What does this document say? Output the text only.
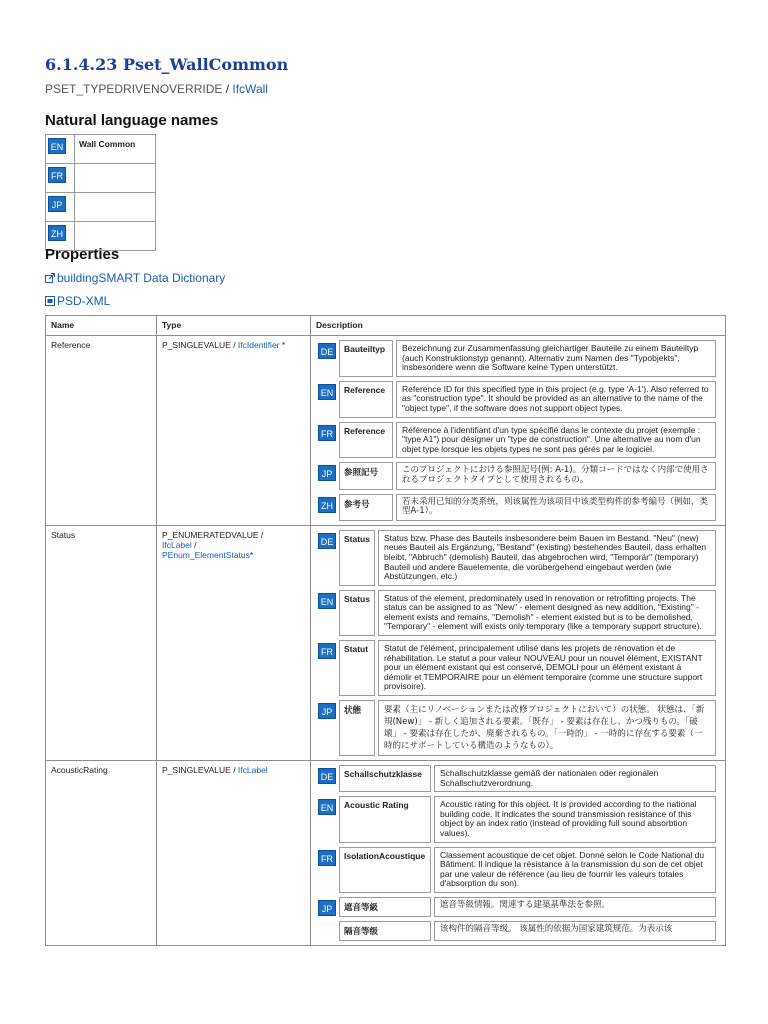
6.1.4.23 Pset_WallCommon
PSET_TYPEDRIVENOVERRIDE / IfcWall
Natural language names
EN	Wall Common
FR	
JP	
ZH	
Properties
buildingSMART Data Dictionary
PSD-XML
Name	Type	Description
Reference	P_SINGLEVALUE / IfcIdentifier *	
DE	Bauteiltyp	Bezeichnung zur Zusammenfassung gleichartiger Bauteile zu einem Bauteiltyp (auch Konstruktionstyp genannt). Alternativ zum Namen des "Typobjekts", insbesondere wenn die Software keine Typen unterstützt.

EN	Reference	Reference ID for this specified type in this project (e.g. type 'A-1'). Also referred to as "construction type". It should be provided as an alternative to the name of the "object type", if the software does not support object types.

FR	Reference	Référence à l'identifiant d'un type spécifié dans le contexte du projet (exemple : "type A1") pour désigner un "type de construction". Une alternative au nom d'un objet type lorsque les objets types ne sont pas gérés par le logiciel.

JP	参照記号	このプロジェクトにおける参照記号(例: A-1)。分類コードではなく内部で使用されるプロジェクトタイプとして使用されるもの。

ZH	参考号	若未采用已知的分类系统，则该属性为该项目中该类型构件的参考编号（例如，类型A-1）。

Status	P_ENUMERATEDVALUE /
IfcLabel /
PEnum_ElementStatus*	
DE	Status	Status bzw. Phase des Bauteils insbesondere beim Bauen im Bestand. "Neu" (new) neues Bauteil als Ergänzung, "Bestand" (existing) bestehendes Bauteil, dass erhalten bleibt, "Abbruch" (demolish) Bauteil, das abgebrochen wird, "Temporär" (temporary) Bauteil und andere Bauelemente, die vorübergehend eingebaut werden (wie Abstützungen, etc.)

EN	Status	Status of the element, predominately used in renovation or retrofitting projects. The status can be assigned to as "New" - element designed as new addition, "Existing" - element exists and remains, "Demolish" - element existed but is to be demolished, "Temporary" - element will exists only temporary (like a temporary support structure).

FR	Statut	Statut de l'élément, principalement utilisé dans les projets de rénovation et de réhabilitation. Le statut a pour valeur NOUVEAU pour un nouvel élément, EXISTANT pour un élément existant qui est conservé, DEMOLI pour un élément existant à démolir et TEMPORAIRE pour un élément temporaire (comme une structure support provisoire).

JP	状態	要素（主にリノベーションまたは改修プロジェクトにおいて）の状態。 状態は、「新規(New)」 - 新しく追加される要素。「既存」 - 要素は存在し、かつ残りもの。「破壊」 - 要素は存在したが、廃棄されるもの。「一時的」 - 一時的に存在する要素（一時的にサポートしている構造のようなもの）。

AcousticRating	P_SINGLEVALUE / IfcLabel	
DE	Schallschutzklasse	Schallschutzklasse gemäß der nationalen oder regionalen Schallschutzverordnung.

EN	Acoustic Rating	Acoustic rating for this object. It is provided according to the national building code. It indicates the sound transmission resistance of this object by an index ratio (instead of providing full sound absorbtion values).

FR	IsolationAcoustique	Classement acoustique de cet objet. Donné selon le Code National du Bâtiment. Il indique la résistance à la transmission du son de cet objet par une valeur de référence (au lieu de fournir les valeurs totales d'absorption du son).

JP	遮音等級	遮音等級情報。関連する建築基準法を参照。

	隔音等级	该构件的隔音等级。 该属性的依据为国家建筑规范。为表示该
